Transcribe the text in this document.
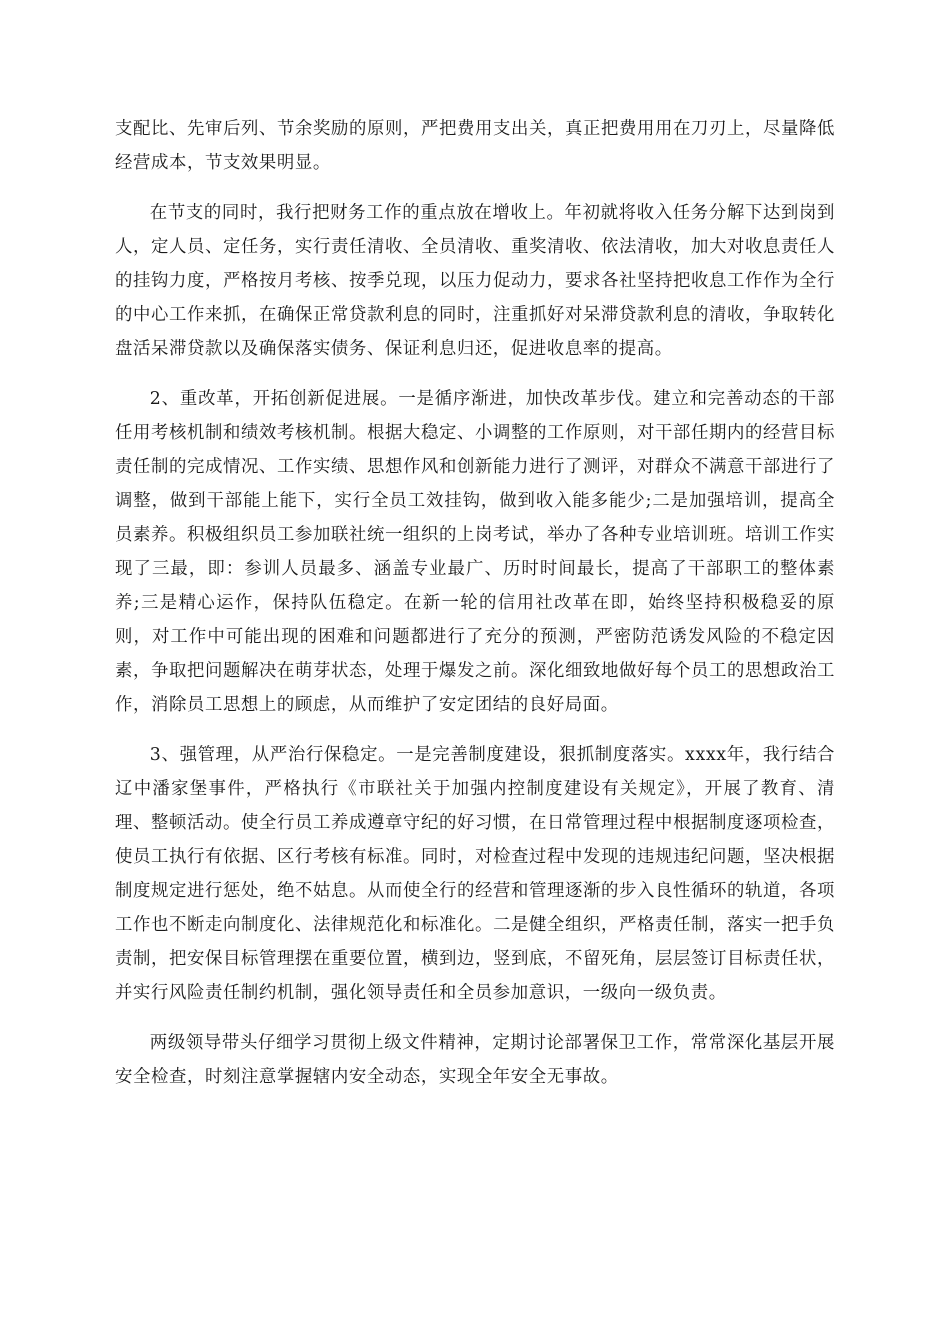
支配比、先审后列、节余奖励的原则，严把费用支出关，真正把费用用在刀刃上，尽量降低经营成本，节支效果明显。

在节支的同时，我行把财务工作的重点放在增收上。年初就将收入任务分解下达到岗到人，定人员、定任务，实行责任清收、全员清收、重奖清收、依法清收，加大对收息责任人的挂钩力度，严格按月考核、按季兑现，以压力促动力，要求各社坚持把收息工作作为全行的中心工作来抓，在确保正常贷款利息的同时，注重抓好对呆滞贷款利息的清收，争取转化盘活呆滞贷款以及确保落实债务、保证利息归还，促进收息率的提高。

2、重改革，开拓创新促进展。一是循序渐进，加快改革步伐。建立和完善动态的干部任用考核机制和绩效考核机制。根据大稳定、小调整的工作原则，对干部任期内的经营目标责任制的完成情况、工作实绩、思想作风和创新能力进行了测评，对群众不满意干部进行了调整，做到干部能上能下，实行全员工效挂钩，做到收入能多能少;二是加强培训，提高全员素养。积极组织员工参加联社统一组织的上岗考试，举办了各种专业培训班。培训工作实现了三最，即：参训人员最多、涵盖专业最广、历时时间最长，提高了干部职工的整体素养;三是精心运作，保持队伍稳定。在新一轮的信用社改革在即，始终坚持积极稳妥的原则，对工作中可能出现的困难和问题都进行了充分的预测，严密防范诱发风险的不稳定因素，争取把问题解决在萌芽状态，处理于爆发之前。深化细致地做好每个员工的思想政治工作，消除员工思想上的顾虑，从而维护了安定团结的良好局面。

3、强管理，从严治行保稳定。一是完善制度建设，狠抓制度落实。xxxx年，我行结合辽中潘家堡事件，严格执行《市联社关于加强内控制度建设有关规定》，开展了教育、清理、整顿活动。使全行员工养成遵章守纪的好习惯，在日常管理过程中根据制度逐项检查，使员工执行有依据、区行考核有标准。同时，对检查过程中发现的违规违纪问题，坚决根据制度规定进行惩处，绝不姑息。从而使全行的经营和管理逐渐的步入良性循环的轨道，各项工作也不断走向制度化、法律规范化和标准化。二是健全组织，严格责任制，落实一把手负责制，把安保目标管理摆在重要位置，横到边，竖到底，不留死角，层层签订目标责任状，并实行风险责任制约机制，强化领导责任和全员参加意识，一级向一级负责。

两级领导带头仔细学习贯彻上级文件精神，定期讨论部署保卫工作，常常深化基层开展安全检查，时刻注意掌握辖内安全动态，实现全年安全无事故。
